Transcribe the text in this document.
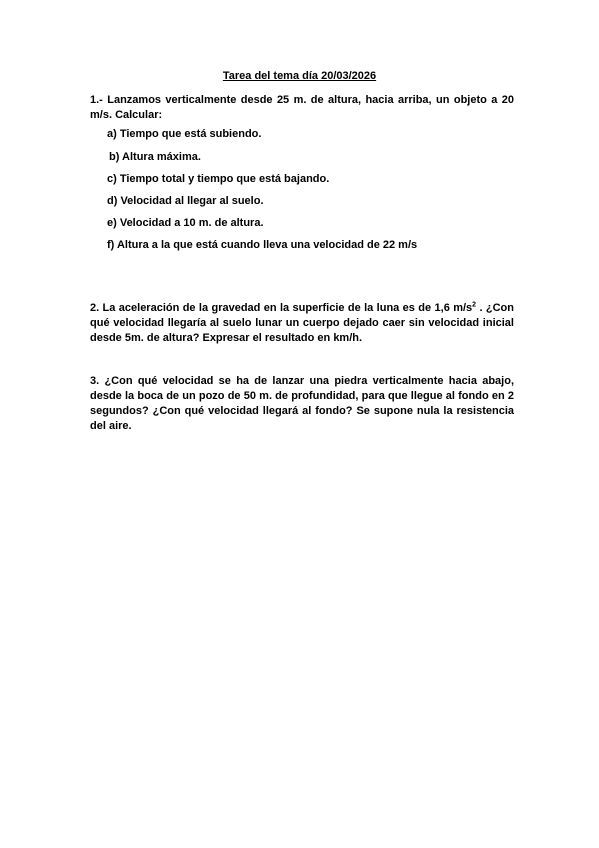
Tarea del tema día 20/03/2026
1.- Lanzamos verticalmente desde 25 m. de altura, hacia arriba, un objeto a 20 m/s. Calcular:
a) Tiempo que está subiendo.
b) Altura máxima.
c) Tiempo total y tiempo que está bajando.
d) Velocidad al llegar al suelo.
e) Velocidad a 10 m. de altura.
f) Altura a la que está cuando lleva una velocidad de 22 m/s
2. La aceleración de la gravedad en la superficie de la luna es de 1,6 $m/s^2$ . ¿Con qué velocidad llegaría al suelo lunar un cuerpo dejado caer sin velocidad inicial desde 5m. de altura? Expresar el resultado en km/h.
3. ¿Con qué velocidad se ha de lanzar una piedra verticalmente hacia abajo, desde la boca de un pozo de 50 m. de profundidad, para que llegue al fondo en 2 segundos? ¿Con qué velocidad llegará al fondo? Se supone nula la resistencia del aire.
